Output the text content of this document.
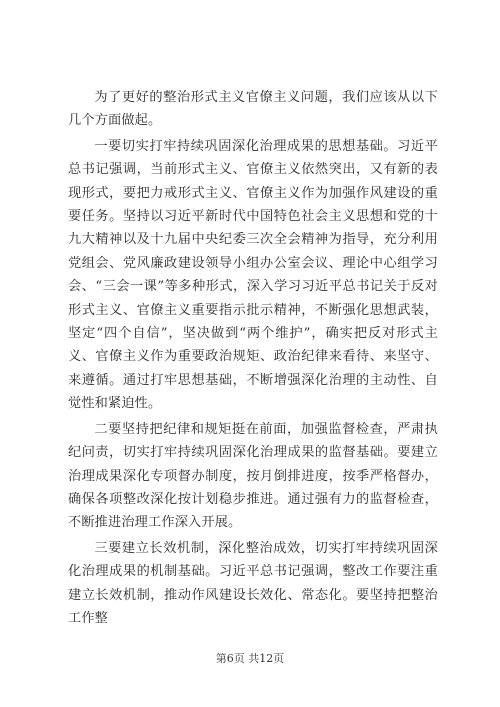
为了更好的整治形式主义官僚主义问题，我们应该从以下几个方面做起。

一要切实打牢持续巩固深化治理成果的思想基础。习近平总书记强调，当前形式主义、官僚主义依然突出，又有新的表现形式，要把力戒形式主义、官僚主义作为加强作风建设的重要任务。坚持以习近平新时代中国特色社会主义思想和党的十九大精神以及十九届中央纪委三次全会精神为指导，充分利用党组会、党风廉政建设领导小组办公室会议、理论中心组学习会、“三会一课”等多种形式，深入学习习近平总书记关于反对形式主义、官僚主义重要指示批示精神，不断强化思想武装，坚定“四个自信”，坚决做到“两个维护”，确实把反对形式主义、官僚主义作为重要政治规矩、政治纪律来看待、来坚守、来遵循。通过打牢思想基础，不断增强深化治理的主动性、自觉性和紧迫性。

二要坚持把纪律和规矩挺在前面，加强监督检查，严肃执纪问责，切实打牢持续巩固深化治理成果的监督基础。要建立治理成果深化专项督办制度，按月倒排进度，按季严格督办，确保各项整改深化按计划稳步推进。通过强有力的监督检查，不断推进治理工作深入开展。

三要建立长效机制，深化整治成效，切实打牢持续巩固深化治理成果的机制基础。习近平总书记强调，整改工作要注重建立长效机制，推动作风建设长效化、常态化。要坚持把整治工作整

第6页 共12页
